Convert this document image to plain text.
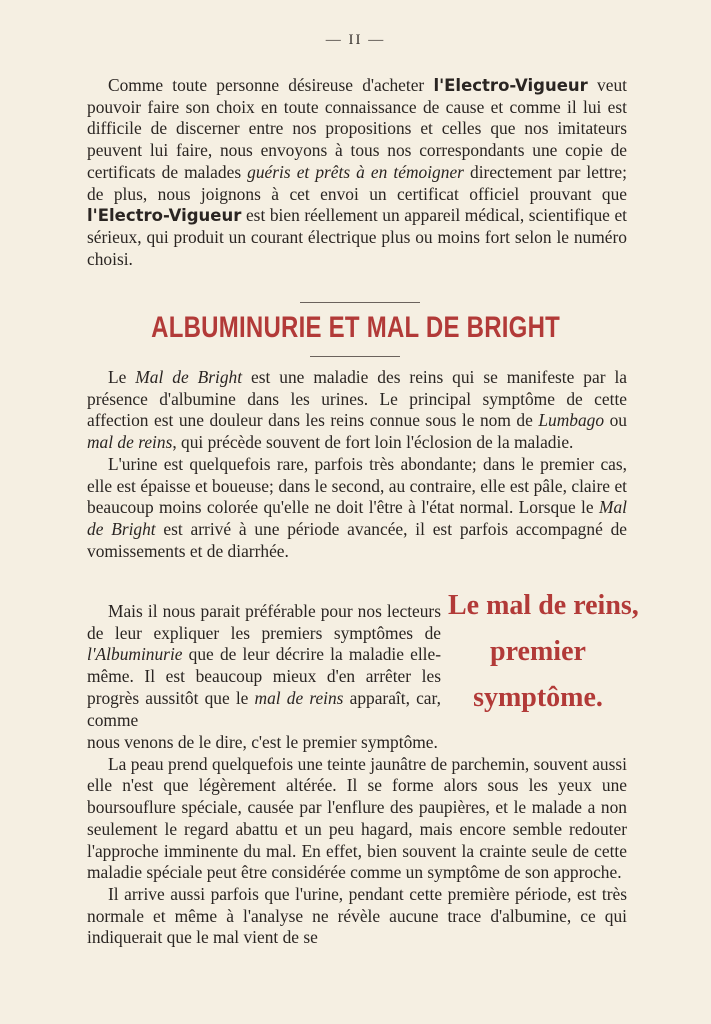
— II —

Comme toute personne désireuse d'acheter l'Electro-Vigueur veut pouvoir faire son choix en toute connaissance de cause et comme il lui est difficile de discerner entre nos propositions et celles que nos imitateurs peuvent lui faire, nous envoyons à tous nos correspondants une copie de certificats de malades guéris et prêts à en témoigner directement par lettre; de plus, nous joignons à cet envoi un certificat officiel prouvant que l'Electro-Vigueur est bien réellement un appareil médical, scientifique et sérieux, qui produit un courant électrique plus ou moins fort selon le numéro choisi.

ALBUMINURIE ET MAL DE BRIGHT

Le Mal de Bright est une maladie des reins qui se manifeste par la présence d'albumine dans les urines. Le principal symptôme de cette affection est une douleur dans les reins connue sous le nom de Lumbago ou mal de reins, qui précède souvent de fort loin l'éclosion de la maladie.

L'urine est quelquefois rare, parfois très abondante; dans le premier cas, elle est épaisse et boueuse; dans le second, au contraire, elle est pâle, claire et beaucoup moins colorée qu'elle ne doit l'être à l'état normal. Lorsque le Mal de Bright est arrivé à une période avancée, il est parfois accompagné de vomissements et de diarrhée.

Mais il nous parait préférable pour nos lecteurs de leur expliquer les premiers symptômes de l'Albuminurie que de leur décrire la maladie elle-même. Il est beaucoup mieux d'en arrêter les progrès aussitôt que le mal de reins apparaît, car, comme
nous venons de le dire, c'est le premier symptôme.

La peau prend quelquefois une teinte jaunâtre de parchemin, souvent aussi elle n'est que légèrement altérée. Il se forme alors sous les yeux une boursouflure spéciale, causée par l'enflure des paupières, et le malade a non seulement le regard abattu et un peu hagard, mais encore semble redouter l'approche imminente du mal. En effet, bien souvent la crainte seule de cette maladie spéciale peut être considérée comme un symptôme de son approche.

Il arrive aussi parfois que l'urine, pendant cette première période, est très normale et même à l'analyse ne révèle aucune trace d'albumine, ce qui indiquerait que le mal vient de se

Le mal de reins,
premier
symptôme.
